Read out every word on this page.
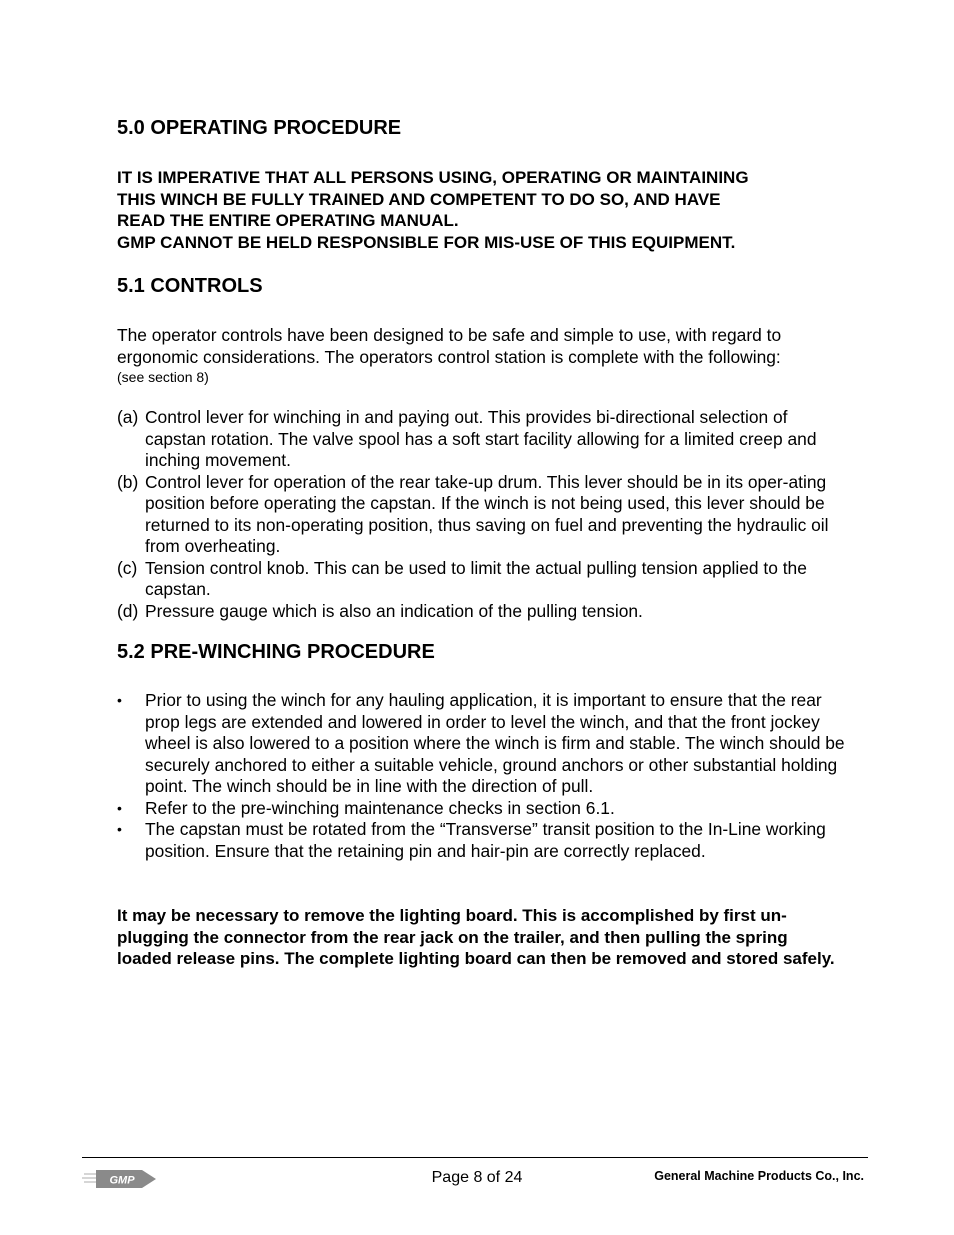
5.0 OPERATING PROCEDURE
IT IS IMPERATIVE THAT ALL PERSONS USING, OPERATING OR MAINTAINING
THIS WINCH BE FULLY TRAINED AND COMPETENT TO DO SO, AND HAVE
READ THE ENTIRE OPERATING MANUAL.
GMP CANNOT BE HELD RESPONSIBLE FOR MIS-USE OF THIS EQUIPMENT.
5.1 CONTROLS
The operator controls have been designed to be safe and simple to use, with regard to ergonomic considerations. The operators control station is complete with the following:
(see section 8)
(a) Control lever for winching in and paying out. This provides bi-directional selection of capstan rotation. The valve spool has a soft start facility allowing for a limited creep and inching movement.
(b) Control lever for operation of the rear take-up drum. This lever should be in its oper-ating position before operating the capstan. If the winch is not being used, this lever should be returned to its non-operating position, thus saving on fuel and preventing the hydraulic oil from overheating.
(c) Tension control knob. This can be used to limit the actual pulling tension applied to the capstan.
(d) Pressure gauge which is also an indication of the pulling tension.
5.2 PRE-WINCHING PROCEDURE
• Prior to using the winch for any hauling application, it is important to ensure that the rear prop legs are extended and lowered in order to level the winch, and that the front jockey wheel is also lowered to a position where the winch is firm and stable. The winch should be securely anchored to either a suitable vehicle, ground anchors or other substantial holding point. The winch should be in line with the direction of pull.
• Refer to the pre-winching maintenance checks in section 6.1.
• The capstan must be rotated from the “Transverse” transit position to the In-Line working position. Ensure that the retaining pin and hair-pin are correctly replaced.
It may be necessary to remove the lighting board. This is accomplished by first un-plugging the connector from the rear jack on the trailer, and then pulling the spring loaded release pins. The complete lighting board can then be removed and stored safely.
GMP	Page 8 of 24	General Machine Products Co., Inc.
